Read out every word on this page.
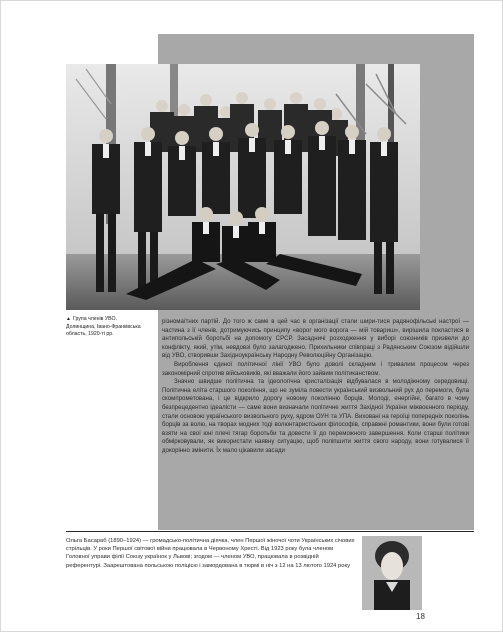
▲ Група членів УВО. Долинщина, Івано-Франківська область, 1920-ті рр.

різномаїтних партій. До того ж саме в цей час в організації стали шири-тися радянофільські настрої — частина з її членів, дотримуючись принципу «ворог мого ворога — мій товариш», вирішила покластися в антипольській боротьбі на допомогу СРСР. Засадничі розходження у виборі союзників призвели до конфлікту, який, утім, невдовзі було залагоджено. Прихильники співпраці з Радянським Союзом відійшли від УВО, створивши Західноукраїнську Народну Революційну Організацію.

Вироблення єдиної політичної лінії УВО було доволі складним і тривалим процесом через закономірний спротив військовиків, які вважали його зайвим політиканством.

Значно швидше політична та ідеологічна кристалізація відбувалася в молодіжному середовищі. Політична еліта старшого покоління, що не зуміла повести український визвольний рух до перемоги, була скомпрометована, і це відкрило дорогу новому поколінню борців. Молоді, енергійні, багато в чому безпрецедентно ідеалісти — саме вони визначали політичне життя Західної України міжвоєнного періоду, стали основою українського визвольного руху, ядром ОУН та УПА. Виховані на героїці попередніх поколінь борців за волю, на творах модних тоді волюнтаристських філософів, справжні романтики, вони були готові взяти на свої юні плечі тягар боротьби та довести її до переможного завершення. Коли старші політики обмірковували, як використати наявну ситуацію, щоб поліпшити життя свого народу, вони готувалися її докорінно змінити. Їх мало цікавили засади

Ольга Басараб (1890–1924) — громадсько-політична діячка, член Першої жіночої чоти Українських січових стрільців. У роки Першої світової війни працювала в Червоному Хресті. Від 1923 року була членом Головної управи філії Союзу українок у Львові; згодом — членом УВО, працювала в розвідній референтурі. Заарештована польською поліцією і замордована в тюрмі в ніч з 12 на 13 лютого 1924 року
18
